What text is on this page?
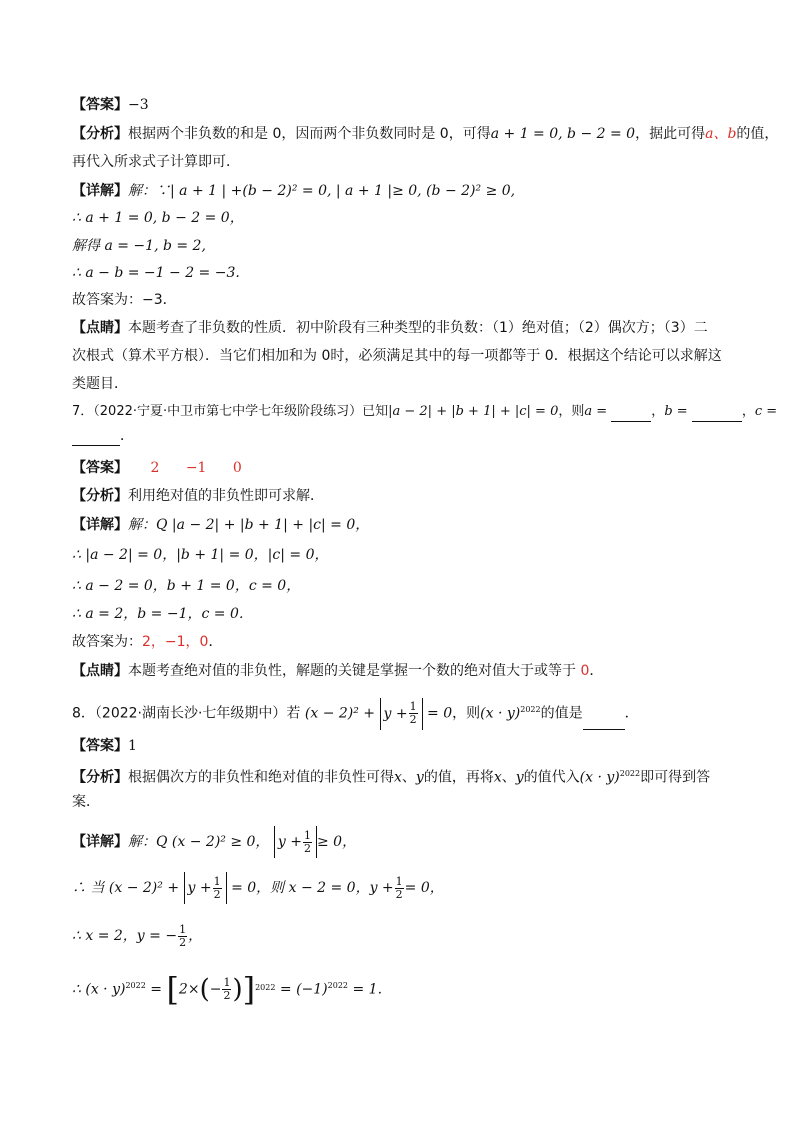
【答案】−3
【分析】根据两个非负数的和是 0，因而两个非负数同时是 0，可得a + 1 = 0, b − 2 = 0，据此可得a、b的值，
再代入所求式子计算即可．
【详解】解：∵| a + 1 | +(b − 2)² = 0, | a + 1 |≥ 0, (b − 2)² ≥ 0,
∴ a + 1 = 0, b − 2 = 0，
解得 a = −1, b = 2,
∴ a − b = −1 − 2 = −3.
故答案为：−3．
【点睛】本题考查了非负数的性质．初中阶段有三种类型的非负数：（1）绝对值；（2）偶次方；（3）二
次根式（算术平方根）．当它们相加和为 0时，必须满足其中的每一项都等于 0．根据这个结论可以求解这
类题目．
7．（2022·宁夏·中卫市第七中学七年级阶段练习）已知|a − 2| + |b + 1| + |c| = 0，则a =	，b =	，c =
．
【答案】 2 −1 0
【分析】利用绝对值的非负性即可求解．
【详解】解：Q |a − 2| + |b + 1| + |c| = 0，
∴ |a − 2| = 0，|b + 1| = 0，|c| = 0，
∴ a − 2 = 0，b + 1 = 0，c = 0，
∴ a = 2，b = −1，c = 0．
故答案为：2，−1，0．
【点睛】本题考查绝对值的非负性，解题的关键是掌握一个数的绝对值大于或等于 0．
8．（2022·湖南长沙·七年级期中）若 $(x - 2)^2 + y + \frac{1}{2} = 0$，则$(x \cdot y)^{2022}$的值是	．
【答案】1
【分析】根据偶次方的非负性和绝对值的非负性可得x、y的值，再将x、y的值代入$(x \cdot y)^{2022}$即可得到答
案．
【详解】解：Q (x − 2)² ≥ 0， $y + \frac{1}{2} \ge 0$，
∴ 当 $(x - 2)^2 + y + \frac{1}{2} = 0$，则 x − 2 = 0，$y + \frac{1}{2} = 0$，
∴ x = 2，y = − $\frac{1}{2}$ ，
∴ $(x \cdot y)^{2022} = [2\times(- \frac{1}{2} )]^{2022} = (-1)^{2022} = 1$．
